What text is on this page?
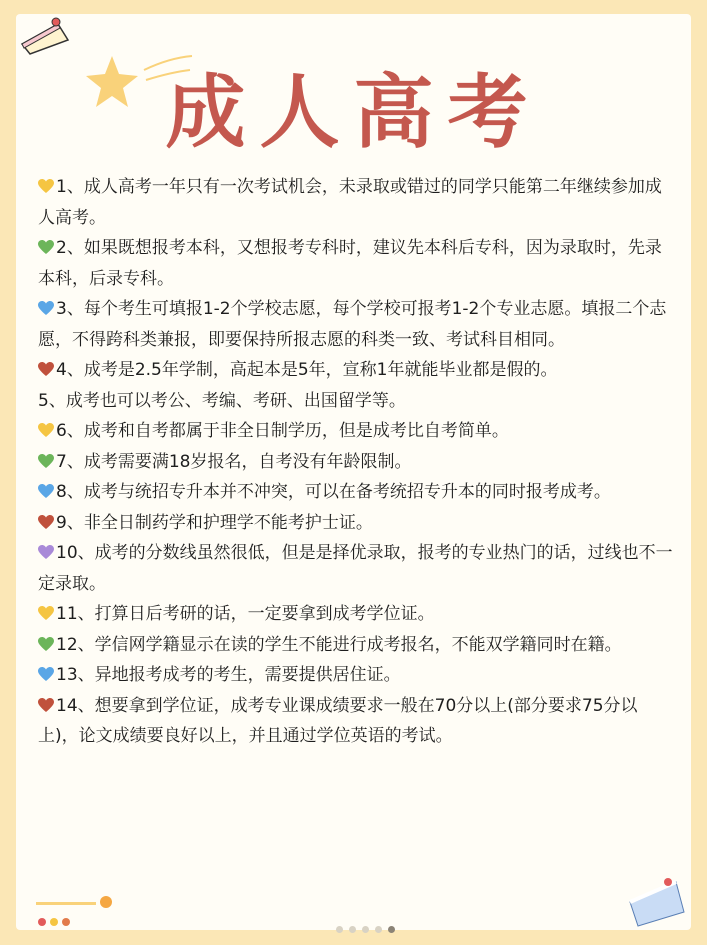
成人高考
1、成人高考一年只有一次考试机会，未录取或错过的同学只能第二年继续参加成人高考。
2、如果既想报考本科，又想报考专科时，建议先本科后专科，因为录取时，先录本科，后录专科。
3、每个考生可填报1-2个学校志愿，每个学校可报考1-2个专业志愿。填报二个志愿，不得跨科类兼报，即要保持所报志愿的科类一致、考试科目相同。
4、成考是2.5年学制，高起本是5年，宣称1年就能毕业都是假的。
5、成考也可以考公、考编、考研、出国留学等。
6、成考和自考都属于非全日制学历，但是成考比自考简单。
7、成考需要满18岁报名，自考没有年龄限制。
8、成考与统招专升本并不冲突，可以在备考统招专升本的同时报考成考。
9、非全日制药学和护理学不能考护士证。
10、成考的分数线虽然很低，但是是择优录取，报考的专业热门的话，过线也不一定录取。
11、打算日后考研的话，一定要拿到成考学位证。
12、学信网学籍显示在读的学生不能进行成考报名，不能双学籍同时在籍。
13、异地报考成考的考生，需要提供居住证。
14、想要拿到学位证，成考专业课成绩要求一般在70分以上(部分要求75分以上)，论文成绩要良好以上，并且通过学位英语的考试。
